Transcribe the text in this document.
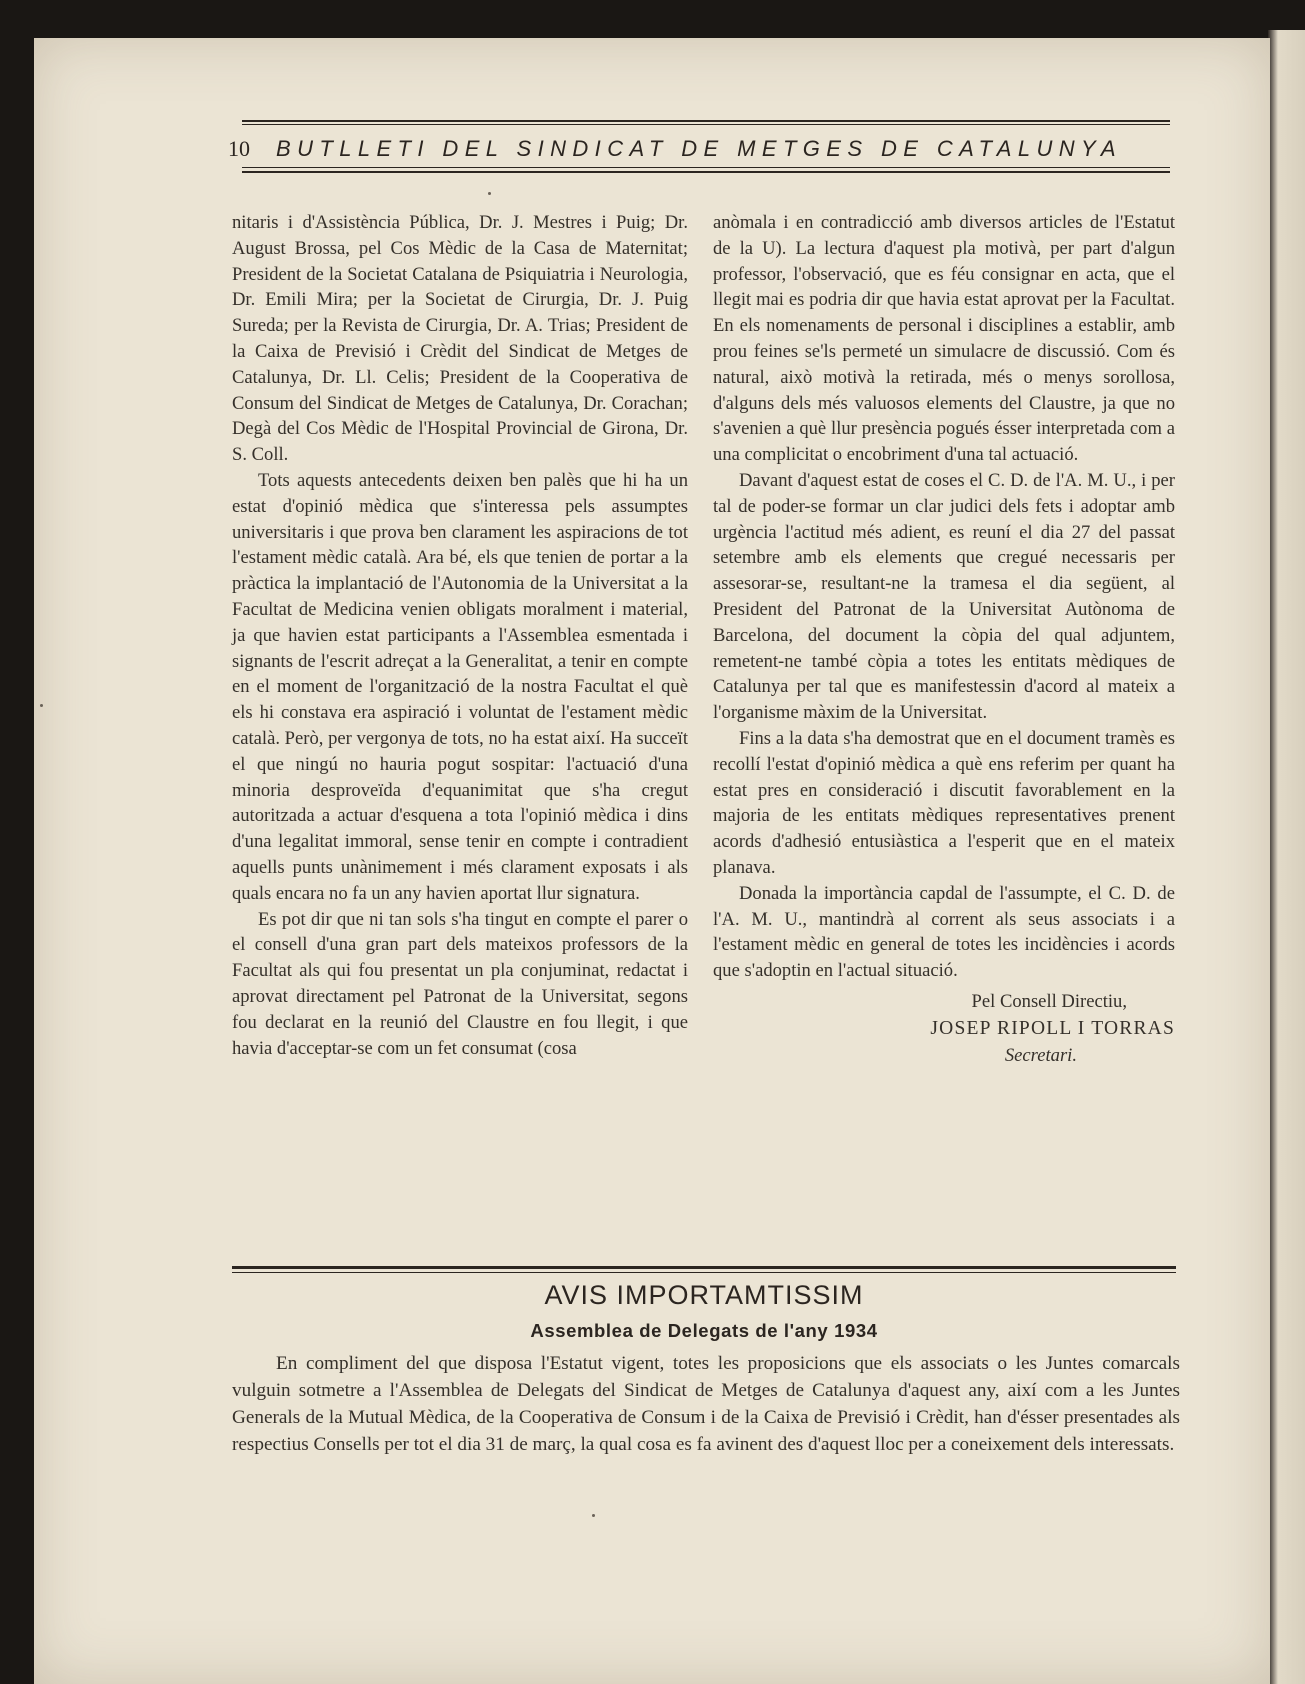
10	BUTLLETI DEL SINDICAT DE METGES DE CATALUNYA

nitaris i d'Assistència Pública, Dr. J. Mestres i Puig; Dr. August Brossa, pel Cos Mèdic de la Casa de Maternitat; President de la Societat Catalana de Psiquiatria i Neurologia, Dr. Emili Mira; per la Societat de Cirurgia, Dr. J. Puig Sureda; per la Revista de Cirurgia, Dr. A. Trias; President de la Caixa de Previsió i Crèdit del Sindicat de Metges de Catalunya, Dr. Ll. Celis; President de la Cooperativa de Consum del Sindicat de Metges de Catalunya, Dr. Corachan; Degà del Cos Mèdic de l'Hospital Provincial de Girona, Dr. S. Coll.

Tots aquests antecedents deixen ben palès que hi ha un estat d'opinió mèdica que s'interessa pels assumptes universitaris i que prova ben clarament les aspiracions de tot l'estament mèdic català. Ara bé, els que tenien de portar a la pràctica la implantació de l'Autonomia de la Universitat a la Facultat de Medicina venien obligats moralment i material, ja que havien estat participants a l'Assemblea esmentada i signants de l'escrit adreçat a la Generalitat, a tenir en compte en el moment de l'organització de la nostra Facultat el què els hi constava era aspiració i voluntat de l'estament mèdic català. Però, per vergonya de tots, no ha estat així. Ha succeït el que ningú no hauria pogut sospitar: l'actuació d'una minoria desproveïda d'equanimitat que s'ha cregut autoritzada a actuar d'esquena a tota l'opinió mèdica i dins d'una legalitat immoral, sense tenir en compte i contradient aquells punts unànimement i més clarament exposats i als quals encara no fa un any havien aportat llur signatura.

Es pot dir que ni tan sols s'ha tingut en compte el parer o el consell d'una gran part dels mateixos professors de la Facultat als qui fou presentat un pla conjuminat, redactat i aprovat directament pel Patronat de la Universitat, segons fou declarat en la reunió del Claustre en fou llegit, i que havia d'acceptar-se com un fet consumat (cosa

anòmala i en contradicció amb diversos articles de l'Estatut de la U). La lectura d'aquest pla motivà, per part d'algun professor, l'observació, que es féu consignar en acta, que el llegit mai es podria dir que havia estat aprovat per la Facultat. En els nomenaments de personal i disciplines a establir, amb prou feines se'ls permeté un simulacre de discussió. Com és natural, això motivà la retirada, més o menys sorollosa, d'alguns dels més valuosos elements del Claustre, ja que no s'avenien a què llur presència pogués ésser interpretada com a una complicitat o encobriment d'una tal actuació.

Davant d'aquest estat de coses el C. D. de l'A. M. U., i per tal de poder-se formar un clar judici dels fets i adoptar amb urgència l'actitud més adient, es reuní el dia 27 del passat setembre amb els elements que cregué necessaris per assesorar-se, resultant-ne la tramesa el dia següent, al President del Patronat de la Universitat Autònoma de Barcelona, del document la còpia del qual adjuntem, remetent-ne també còpia a totes les entitats mèdiques de Catalunya per tal que es manifestessin d'acord al mateix a l'organisme màxim de la Universitat.

Fins a la data s'ha demostrat que en el document tramès es recollí l'estat d'opinió mèdica a què ens referim per quant ha estat pres en consideració i discutit favorablement en la majoria de les entitats mèdiques representatives prenent acords d'adhesió entusiàstica a l'esperit que en el mateix planava.

Donada la importància capdal de l'assumpte, el C. D. de l'A. M. U., mantindrà al corrent als seus associats i a l'estament mèdic en general de totes les incidències i acords que s'adoptin en l'actual situació.

Pel Consell Directiu,
JOSEP RIPOLL I TORRAS
Secretari.
AVIS IMPORTAMTISSIM
Assemblea de Delegats de l'any 1934

En compliment del que disposa l'Estatut vigent, totes les proposicions que els associats o les Juntes comarcals vulguin sotmetre a l'Assemblea de Delegats del Sindicat de Metges de Catalunya d'aquest any, així com a les Juntes Generals de la Mutual Mèdica, de la Cooperativa de Consum i de la Caixa de Previsió i Crèdit, han d'ésser presentades als respectius Consells per tot el dia 31 de març, la qual cosa es fa avinent des d'aquest lloc per a coneixement dels interessats.
